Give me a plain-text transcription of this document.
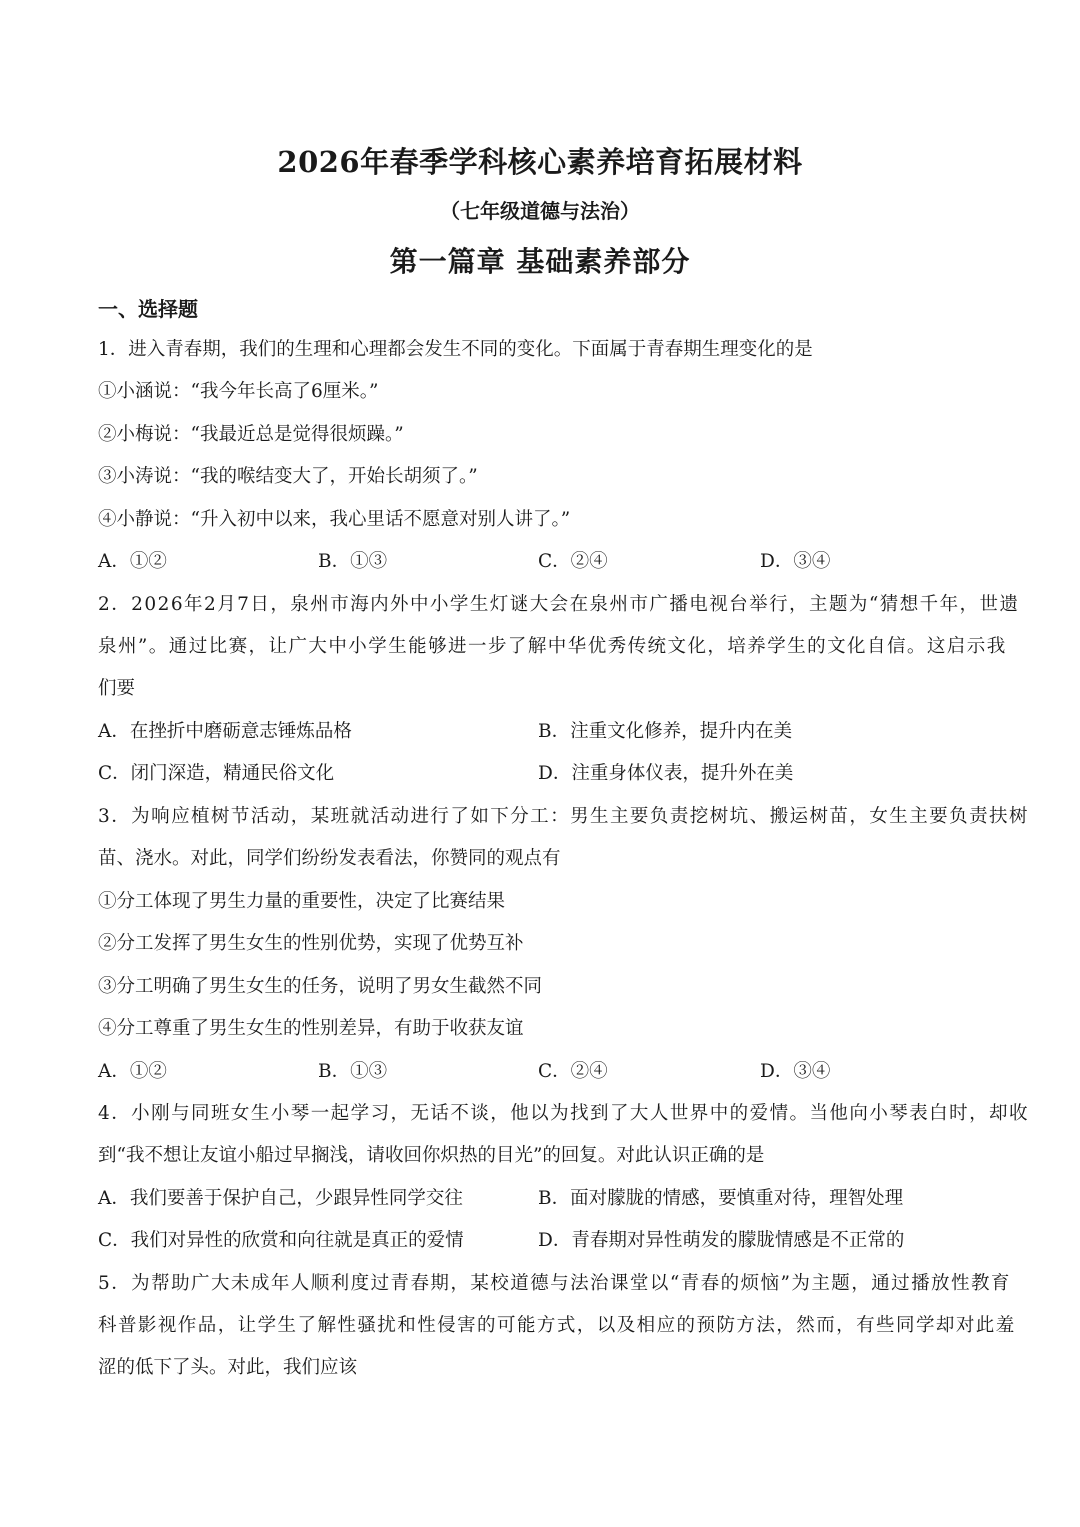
2026年春季学科核心素养培育拓展材料
（七年级道德与法治）
第一篇章 基础素养部分
一、选择题
1．进入青春期，我们的生理和心理都会发生不同的变化。下面属于青春期生理变化的是
①小涵说：“我今年长高了6厘米。”
②小梅说：“我最近总是觉得很烦躁。”
③小涛说：“我的喉结变大了，开始长胡须了。”
④小静说：“升入初中以来，我心里话不愿意对别人讲了。”
A．①②	B．①③	C．②④	D．③④
2．2026年2月7日，泉州市海内外中小学生灯谜大会在泉州市广播电视台举行，主题为“猜想千年，世遗
泉州”。通过比赛，让广大中小学生能够进一步了解中华优秀传统文化，培养学生的文化自信。这启示我
们要
A．在挫折中磨砺意志锤炼品格	B．注重文化修养，提升内在美
C．闭门深造，精通民俗文化	D．注重身体仪表，提升外在美
3．为响应植树节活动，某班就活动进行了如下分工：男生主要负责挖树坑、搬运树苗，女生主要负责扶树
苗、浇水。对此，同学们纷纷发表看法，你赞同的观点有
①分工体现了男生力量的重要性，决定了比赛结果
②分工发挥了男生女生的性别优势，实现了优势互补
③分工明确了男生女生的任务，说明了男女生截然不同
④分工尊重了男生女生的性别差异，有助于收获友谊
A．①②	B．①③	C．②④	D．③④
4．小刚与同班女生小琴一起学习，无话不谈，他以为找到了大人世界中的爱情。当他向小琴表白时，却收
到“我不想让友谊小船过早搁浅，请收回你炽热的目光”的回复。对此认识正确的是
A．我们要善于保护自己，少跟异性同学交往	B．面对朦胧的情感，要慎重对待，理智处理
C．我们对异性的欣赏和向往就是真正的爱情	D．青春期对异性萌发的朦胧情感是不正常的
5．为帮助广大未成年人顺利度过青春期，某校道德与法治课堂以“青春的烦恼”为主题，通过播放性教育
科普影视作品，让学生了解性骚扰和性侵害的可能方式，以及相应的预防方法，然而，有些同学却对此羞
涩的低下了头。对此，我们应该
